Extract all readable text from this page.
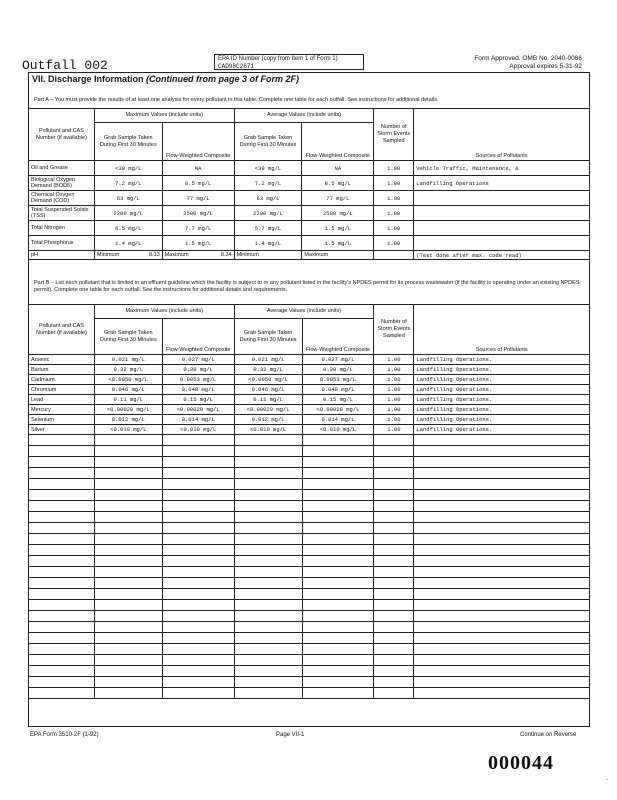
Outfall 002	EPA ID Number (copy from Item 1 of Form 1)
CAD98C2871
Form Approved. OMB No. 2040-0086
Approval expires 5-31-92
VII. Discharge Information (Continued from page 3 of Form 2F)
Part A – You must provide the results of at least one analysis for every pollutant in this table. Complete one table for each outfall. See instructions for additional details.
Pollutant and CAS Number (if available)	Maximum Values (include units)		Average Values (include units)		Number of Storm Events Sampled	Sources of Pollutants
	Grab Sample Taken During First 30 Minutes	Flow-Weighted Composite	Grab Sample Taken During First 30 Minutes	Flow-Weighted Composite		
Oil and Grease	<39 mg/L	NA	<39 mg/L	NA	1.00	Vehicle Traffic, Maintenance, &
Biological Oxygen Demand (BOD5)	7.2 mg/L	8.5 mg/L	7.2 mg/L	8.5 mg/L	1.00	Landfilling Operations
Chemical Oxygen Demand (COD)	63 mg/L	77 mg/L	63 mg/L	77 mg/L	1.00	
Total Suspended Solids (TSS)	2200 mg/L	2500 mg/L	2200 mg/L	2500 mg/L	1.00	
Total Nitrogen	6.5 mg/L	7.7 mg/L	5.7 mg/L	1.5 mg/L	1.00	
Total Phosphorus	1.4 mg/L	1.5 mg/L	1.4 mg/L	1.5 mg/L	1.00	
pH	Minimum 8.13	Maximum 8.24	Minimum	Maximum		(Test done after max. code read)
Part B – List each pollutant that is limited in an effluent guideline which the facility is subject to or any pollutant listed in the facility's NPDES permit for its process wastewater (if the facility is operating under an existing NPDES permit). Complete one table for each outfall. See the instructions for additional details and requirements.
Pollutant and CAS Number (if available)	Maximum Values (include units)		Average Values (include units)		Number of Storm Events Sampled	Sources of Pollutants
	Grab Sample Taken During First 30 Minutes	Flow-Weighted Composite	Grab Sample Taken During First 30 Minutes	Flow-Weighted Composite		
Arsenic	0.021 mg/L	0.027 mg/L	0.021 mg/L	0.027 mg/L	1.00	Landfilling Operations.
Barium	0.32 mg/L	0.39 mg/L	0.32 mg/L	0.39 mg/L	1.00	Landfilling Operations.
Cadmium	<0.0050 mg/L	0.0053 mg/L	<0.0050 mg/L	0.0053 mg/L	1.00	Landfilling Operations.
Chromium	0.046 mg/L	0.048 mg/L	0.046 mg/L	0.048 mg/L	1.00	Landfilling Operations.
Lead	0.11 mg/L	0.15 mg/L	0.11 mg/L	0.15 mg/L	1.00	Landfilling Operations.
Mercury	<0.00020 mg/L	<0.00020 mg/L	<0.00020 mg/L	<0.00020 mg/L	1.00	Landfilling Operations.
Selenium	0.012 mg/L	0.014 mg/L	0.012 mg/L	0.014 mg/L	1.00	Landfilling Operations.
Silver	<0.010 mg/L	<0.010 mg/L	<0.010 mg/L	<0.010 mg/L	1.00	Landfilling Operations.

EPA Form 3510-2F (1-92)	Page VII-1	Continue on Reverse
000044
.
